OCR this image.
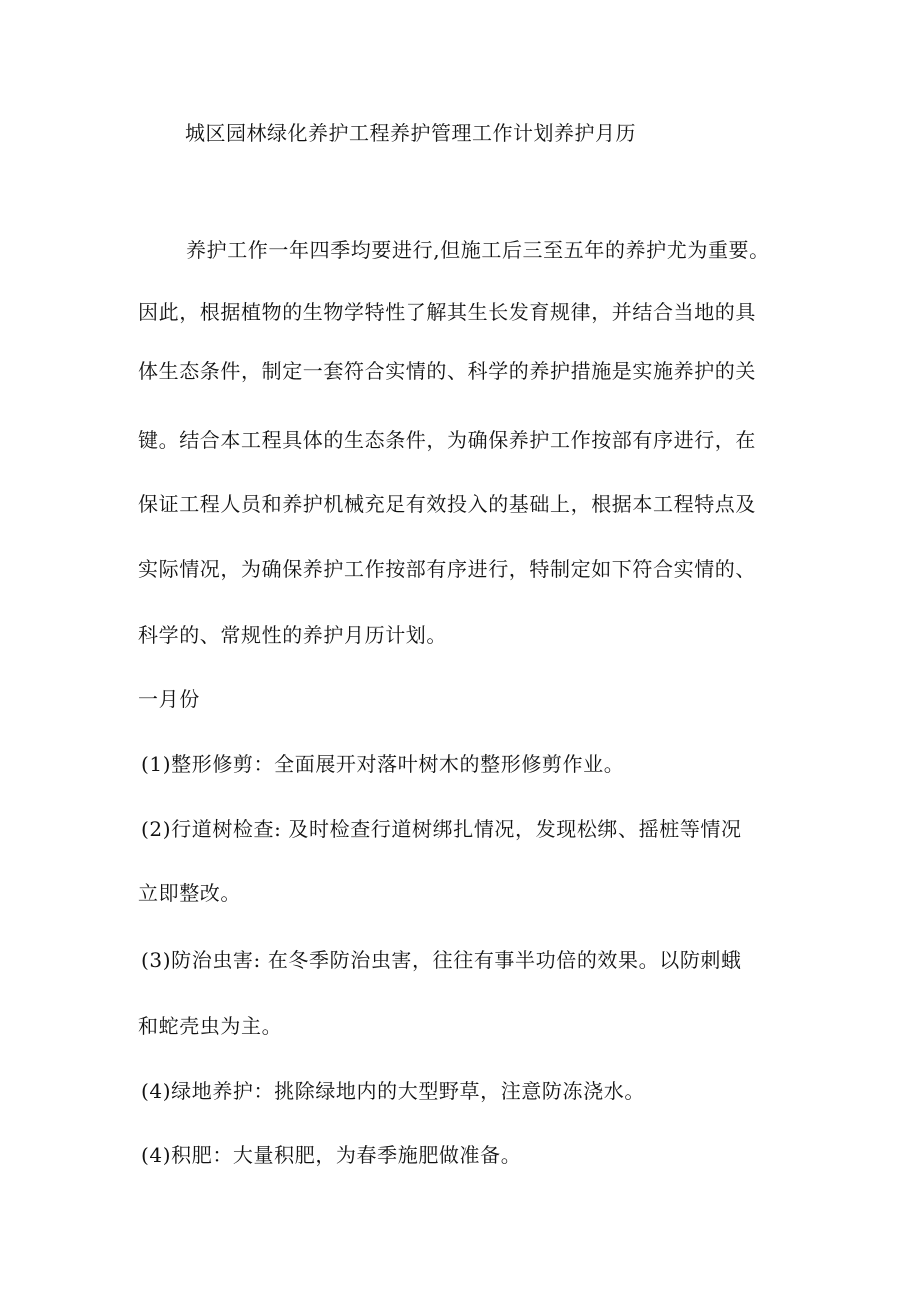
城区园林绿化养护工程养护管理工作计划养护月历
养护工作一年四季均要进行,但施工后三至五年的养护尤为重要。
因此，根据植物的生物学特性了解其生长发育规律，并结合当地的具
体生态条件，制定一套符合实情的、科学的养护措施是实施养护的关
键。结合本工程具体的生态条件，为确保养护工作按部有序进行，在
保证工程人员和养护机械充足有效投入的基础上，根据本工程特点及
实际情况，为确保养护工作按部有序进行，特制定如下符合实情的、
科学的、常规性的养护月历计划。
一月份
(1)整形修剪：全面展开对落叶树木的整形修剪作业。
(2)行道树检查: 及时检查行道树绑扎情况，发现松绑、摇桩等情况
立即整改。
(3)防治虫害: 在冬季防治虫害，往往有事半功倍的效果。以防刺蛾
和蛇壳虫为主。
(4)绿地养护：挑除绿地内的大型野草，注意防冻浇水。
(4)积肥：大量积肥，为春季施肥做准备。
